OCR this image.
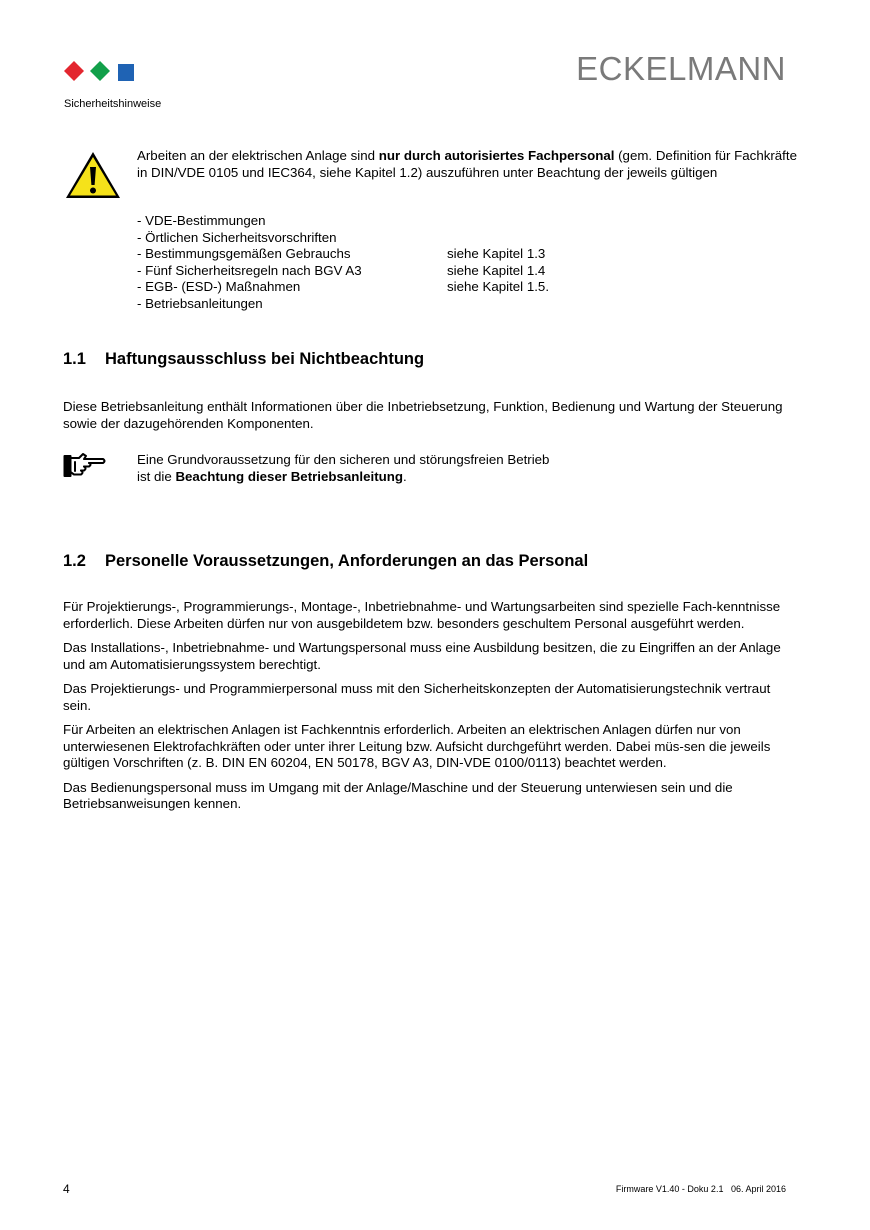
ECKELMANN
Sicherheitshinweise
Arbeiten an der elektrischen Anlage sind nur durch autorisiertes Fachpersonal (gem. Definition für Fachkräfte in DIN/VDE 0105 und IEC364, siehe Kapitel 1.2) auszuführen unter Beachtung der jeweils gültigen
- VDE-Bestimmungen
- Örtlichen Sicherheitsvorschriften
- Bestimmungsgemäßen Gebrauchs	siehe Kapitel 1.3
- Fünf Sicherheitsregeln nach BGV A3	siehe Kapitel 1.4
- EGB- (ESD-) Maßnahmen	siehe Kapitel 1.5.
- Betriebsanleitungen
1.1 Haftungsausschluss bei Nichtbeachtung
Diese Betriebsanleitung enthält Informationen über die Inbetriebsetzung, Funktion, Bedienung und Wartung der Steuerung sowie der dazugehörenden Komponenten.
Eine Grundvoraussetzung für den sicheren und störungsfreien Betrieb
ist die Beachtung dieser Betriebsanleitung.
1.2 Personelle Voraussetzungen, Anforderungen an das Personal

Für Projektierungs-, Programmierungs-, Montage-, Inbetriebnahme- und Wartungsarbeiten sind spezielle Fach-kenntnisse erforderlich. Diese Arbeiten dürfen nur von ausgebildetem bzw. besonders geschultem Personal ausgeführt werden.

Das Installations-, Inbetriebnahme- und Wartungspersonal muss eine Ausbildung besitzen, die zu Eingriffen an der Anlage und am Automatisierungssystem berechtigt.

Das Projektierungs- und Programmierpersonal muss mit den Sicherheitskonzepten der Automatisierungstechnik vertraut sein.

Für Arbeiten an elektrischen Anlagen ist Fachkenntnis erforderlich. Arbeiten an elektrischen Anlagen dürfen nur von unterwiesenen Elektrofachkräften oder unter ihrer Leitung bzw. Aufsicht durchgeführt werden. Dabei müs-sen die jeweils gültigen Vorschriften (z. B. DIN EN 60204, EN 50178, BGV A3, DIN-VDE 0100/0113) beachtet werden.

Das Bedienungspersonal muss im Umgang mit der Anlage/Maschine und der Steuerung unterwiesen sein und die Betriebsanweisungen kennen.

4	Firmware V1.40 - Doku 2.1   06. April 2016
